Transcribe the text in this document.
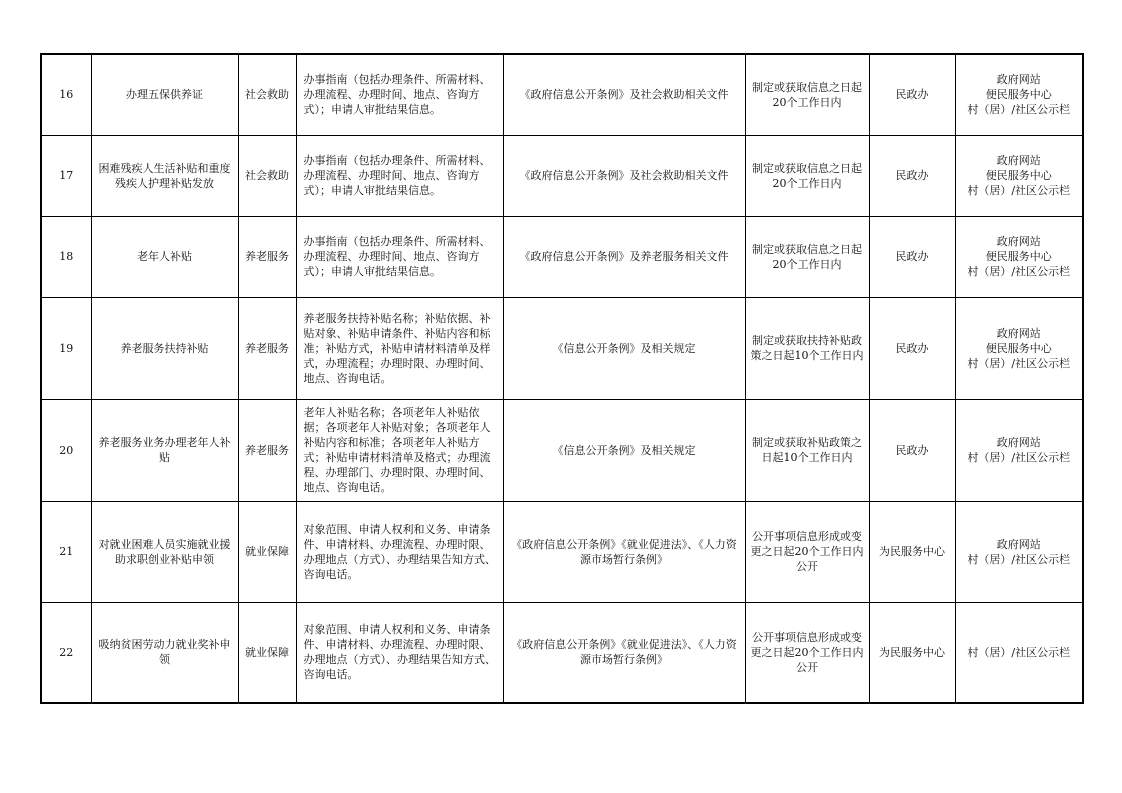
16	办理五保供养证	社会救助	办事指南（包括办理条件、所需材料、办理流程、办理时间、地点、咨询方式）；申请人审批结果信息。	《政府信息公开条例》及社会救助相关文件	制定或获取信息之日起20个工作日内	民政办	政府网站
便民服务中心
村（居）/社区公示栏
17	困难残疾人生活补贴和重度残疾人护理补贴发放	社会救助	办事指南（包括办理条件、所需材料、办理流程、办理时间、地点、咨询方式）；申请人审批结果信息。	《政府信息公开条例》及社会救助相关文件	制定或获取信息之日起20个工作日内	民政办	政府网站
便民服务中心
村（居）/社区公示栏
18	老年人补贴	养老服务	办事指南（包括办理条件、所需材料、办理流程、办理时间、地点、咨询方式）；申请人审批结果信息。	《政府信息公开条例》及养老服务相关文件	制定或获取信息之日起20个工作日内	民政办	政府网站
便民服务中心
村（居）/社区公示栏
19	养老服务扶持补贴	养老服务	养老服务扶持补贴名称；补贴依据、补贴对象、补贴申请条件、补贴内容和标准；补贴方式，补贴申请材料清单及样式，办理流程；办理时限、办理时间、地点、咨询电话。	《信息公开条例》及相关规定	制定或获取扶持补贴政策之日起10个工作日内	民政办	政府网站
便民服务中心
村（居）/社区公示栏
20	养老服务业务办理老年人补贴	养老服务	老年人补贴名称；各项老年人补贴依据；各项老年人补贴对象；各项老年人补贴内容和标准；各项老年人补贴方式；补贴申请材料清单及格式；办理流程、办理部门、办理时限、办理时间、地点、咨询电话。	《信息公开条例》及相关规定	制定或获取补贴政策之日起10个工作日内	民政办	政府网站
村（居）/社区公示栏
21	对就业困难人员实施就业援助求职创业补贴申领	就业保障	对象范围、申请人权利和义务、申请条件、申请材料、办理流程、办理时限、办理地点（方式）、办理结果告知方式、咨询电话。	《政府信息公开条例》《就业促进法》、《人力资源市场暂行条例》	公开事项信息形成或变更之日起20个工作日内公开	为民服务中心	政府网站
村（居）/社区公示栏
22	吸纳贫困劳动力就业奖补申领	就业保障	对象范围、申请人权利和义务、申请条件、申请材料、办理流程、办理时限、办理地点（方式）、办理结果告知方式、咨询电话。	《政府信息公开条例》《就业促进法》、《人力资源市场暂行条例》	公开事项信息形成或变更之日起20个工作日内公开	为民服务中心	村（居）/社区公示栏
